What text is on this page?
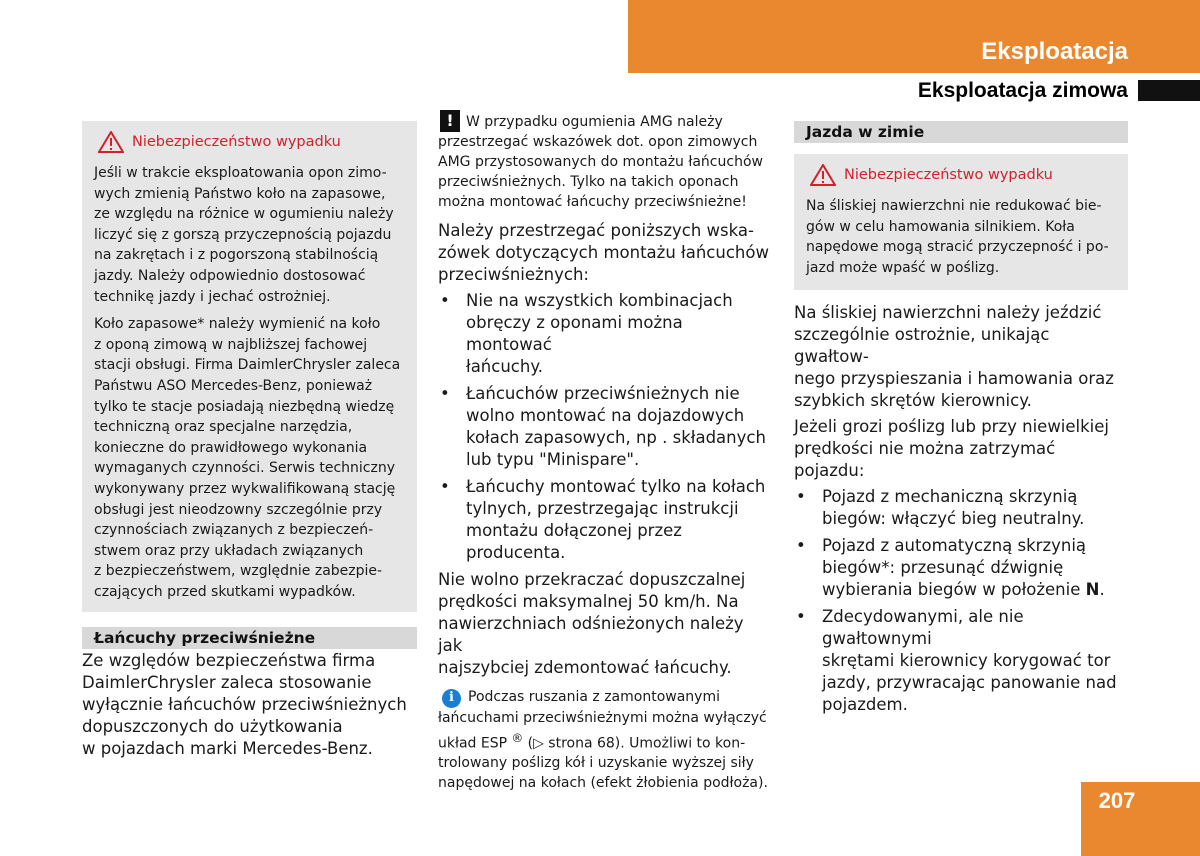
Eksploatacja
Eksploatacja zimowa
Niebezpieczeństwo wypadku

Jeśli w trakcie eksploatowania opon zimo-
wych zmienią Państwo koło na zapasowe,
ze względu na różnice w ogumieniu należy
liczyć się z gorszą przyczepnością pojazdu
na zakrętach i z pogorszoną stabilnością
jazdy. Należy odpowiednio dostosować
technikę jazdy i jechać ostrożniej.

Koło zapasowe* należy wymienić na koło
z oponą zimową w najbliższej fachowej
stacji obsługi. Firma DaimlerChrysler zaleca
Państwu ASO Mercedes-Benz, ponieważ
tylko te stacje posiadają niezbędną wiedzę
techniczną oraz specjalne narzędzia,
konieczne do prawidłowego wykonania
wymaganych czynności. Serwis techniczny
wykonywany przez wykwalifikowaną stację
obsługi jest nieodzowny szczególnie przy
czynnościach związanych z bezpieczeń-
stwem oraz przy układach związanych
z bezpieczeństwem, względnie zabezpie-
czających przed skutkami wypadków.

Łańcuchy przeciwśnieżne

Ze względów bezpieczeństwa firma
DaimlerChrysler zaleca stosowanie
wyłącznie łańcuchów przeciwśnieżnych
dopuszczonych do użytkowania
w pojazdach marki Mercedes-Benz.

! W przypadku ogumienia AMG należy
przestrzegać wskazówek dot. opon zimowych
AMG przystosowanych do montażu łańcuchów
przeciwśnieżnych. Tylko na takich oponach
można montować łańcuchy przeciwśnieżne!

Należy przestrzegać poniższych wska-
zówek dotyczących montażu łańcuchów
przeciwśnieżnych:

• Nie na wszystkich kombinacjach
obręczy z oponami można montować
łańcuchy.
• Łańcuchów przeciwśnieżnych nie
wolno montować na dojazdowych
kołach zapasowych, np . składanych
lub typu "Minispare".
• Łańcuchy montować tylko na kołach
tylnych, przestrzegając instrukcji
montażu dołączonej przez
producenta.

Nie wolno przekraczać dopuszczalnej
prędkości maksymalnej 50 km/h. Na
nawierzchniach odśnieżonych należy jak
najszybciej zdemontować łańcuchy.

i Podczas ruszania z zamontowanymi
łańcuchami przeciwśnieżnymi można wyłączyć
układ ESP ® (▷ strona 68). Umożliwi to kon-
trolowany poślizg kół i uzyskanie wyższej siły
napędowej na kołach (efekt żłobienia podłoża).

Jazda w zimie

Niebezpieczeństwo wypadku

Na śliskiej nawierzchni nie redukować bie-
gów w celu hamowania silnikiem. Koła
napędowe mogą stracić przyczepność i po-
jazd może wpaść w poślizg.

Na śliskiej nawierzchni należy jeździć
szczególnie ostrożnie, unikając gwałtow-
nego przyspieszania i hamowania oraz
szybkich skrętów kierownicy.

Jeżeli grozi poślizg lub przy niewielkiej
prędkości nie można zatrzymać pojazdu:

• Pojazd z mechaniczną skrzynią
biegów: włączyć bieg neutralny.
• Pojazd z automatyczną skrzynią
biegów*: przesunąć dźwignię
wybierania biegów w położenie N.
• Zdecydowanymi, ale nie gwałtownymi
skrętami kierownicy korygować tor
jazdy, przywracając panowanie nad
pojazdem.
207
